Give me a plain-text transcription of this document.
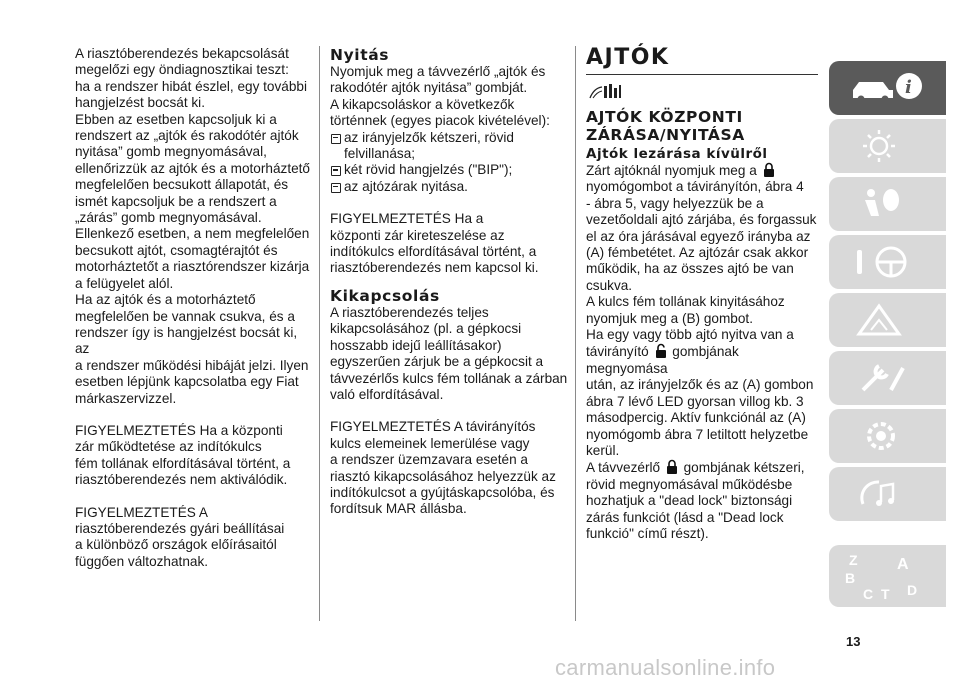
A riasztóberendezés bekapcsolását
megelőzi egy öndiagnosztikai teszt:
ha a rendszer hibát észlel, egy további
hangjelzést bocsát ki.
Ebben az esetben kapcsoljuk ki a
rendszert az „ajtók és rakodótér ajtók
nyitása” gomb megnyomásával,
ellenőrizzük az ajtók és a motorháztető
megfelelően becsukott állapotát, és
ismét kapcsoljuk be a rendszert a
„zárás” gomb megnyomásával.
Ellenkező esetben, a nem megfelelően
becsukott ajtót, csomagtérajtót és
motorháztetőt a riasztórendszer kizárja
a felügyelet alól.
Ha az ajtók és a motorháztető
megfelelően be vannak csukva, és a
rendszer így is hangjelzést bocsát ki, az
a rendszer működési hibáját jelzi. Ilyen
esetben lépjünk kapcsolatba egy Fiat
márkaszervizzel.
FIGYELMEZTETÉS Ha a központi
zár működtetése az indítókulcs
fém tollának elfordításával történt, a
riasztóberendezés nem aktiválódik.
FIGYELMEZTETÉS A
riasztóberendezés gyári beállításai
a különböző országok előírásaitól
függően változhatnak.
Nyitás
Nyomjuk meg a távvezérlő „ajtók és
rakodótér ajtók nyitása” gombját.
A kikapcsoláskor a következők
történnek (egyes piacok kivételével):
az irányjelzők kétszeri, rövid
felvillanása;
két rövid hangjelzés ("BIP");
az ajtózárak nyitása.
FIGYELMEZTETÉS Ha a
központi zár kireteszelése az
indítókulcs elfordításával történt, a
riasztóberendezés nem kapcsol ki.
Kikapcsolás
A riasztóberendezés teljes
kikapcsolásához (pl. a gépkocsi
hosszabb idejű leállításakor)
egyszerűen zárjuk be a gépkocsit a
távvezérlős kulcs fém tollának a zárban
való elfordításával.
FIGYELMEZTETÉS A távirányítós
kulcs elemeinek lemerülése vagy
a rendszer üzemzavara esetén a
riasztó kikapcsolásához helyezzük az
indítókulcsot a gyújtáskapcsolóba, és
fordítsuk MAR állásba.
AJTÓK
AJTÓK KÖZPONTI
ZÁRÁSA/NYITÁSA
Ajtók lezárása kívülről
Zárt ajtóknál nyomjuk meg a
nyomógombot a távirányítón, ábra 4
- ábra 5, vagy helyezzük be a
vezetőoldali ajtó zárjába, és forgassuk
el az óra járásával egyező irányba az
(A) fémbetétet. Az ajtózár csak akkor
működik, ha az összes ajtó be van
csukva.
A kulcs fém tollának kinyitásához
nyomjuk meg a (B) gombot.
Ha egy vagy több ajtó nyitva van a
távirányító gombjának megnyomása
után, az irányjelzők és az (A) gombon
ábra 7 lévő LED gyorsan villog kb. 3
másodpercig. Aktív funkciónál az (A)
nyomógomb ábra 7 letiltott helyzetbe
kerül.
A távvezérlő gombjának kétszeri,
rövid megnyomásával működésbe
hozhatjuk a "dead lock" biztonsági
zárás funkciót (lásd a "Dead lock
funkció" című részt).
i
Z A
B
C T D
13
carmanualsonline.info
